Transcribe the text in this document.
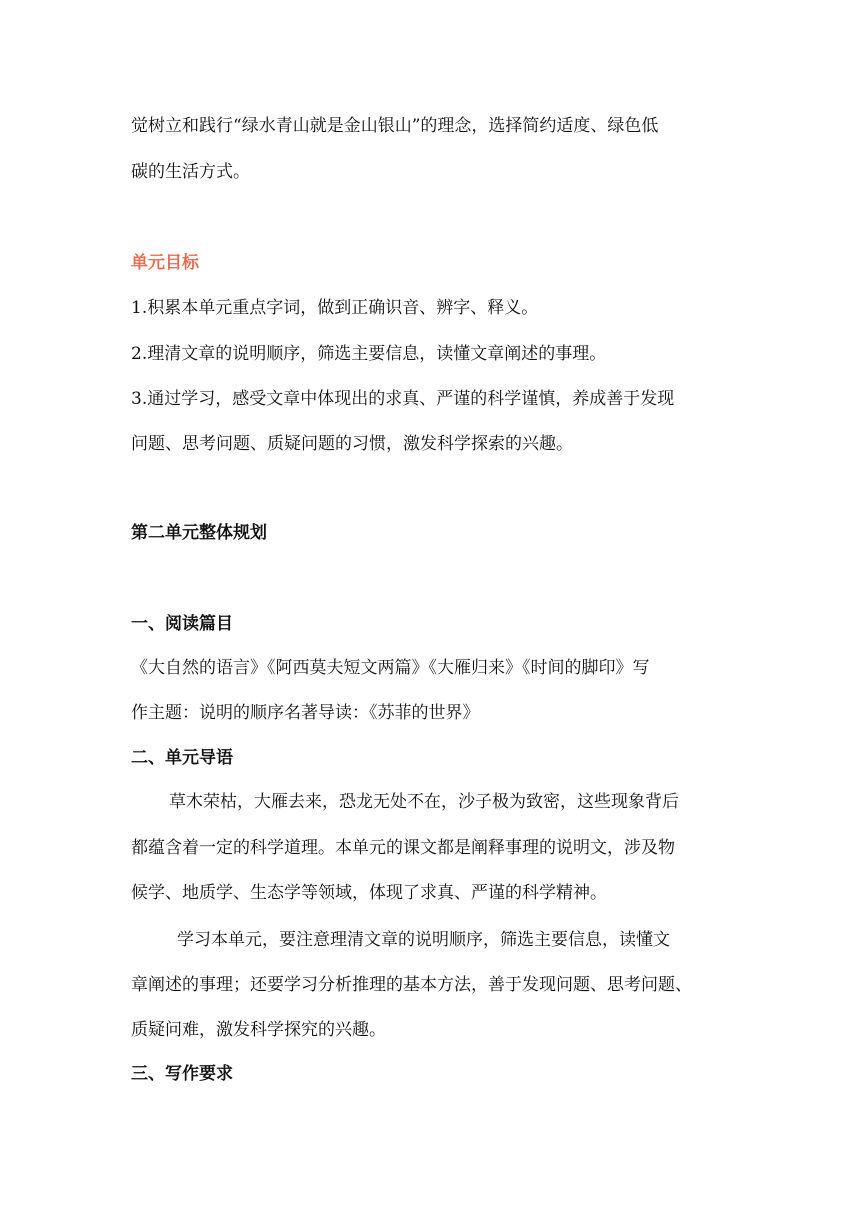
觉树立和践行“绿水青山就是金山银山”的理念，选择简约适度、绿色低
碳的生活方式。
单元目标
1.积累本单元重点字词，做到正确识音、辨字、释义。
2.理清文章的说明顺序，筛选主要信息，读懂文章阐述的事理。
3.通过学习，感受文章中体现出的求真、严谨的科学谨慎，养成善于发现
问题、思考问题、质疑问题的习惯，激发科学探索的兴趣。
第二单元整体规划
一、阅读篇目
《大自然的语言》《阿西莫夫短文两篇》《大雁归来》《时间的脚印》写
作主题：说明的顺序名著导读：《苏菲的世界》
二、单元导语
草木荣枯，大雁去来，恐龙无处不在，沙子极为致密，这些现象背后
都蕴含着一定的科学道理。本单元的课文都是阐释事理的说明文，涉及物
候学、地质学、生态学等领域，体现了求真、严谨的科学精神。
学习本单元，要注意理清文章的说明顺序，筛选主要信息，读懂文
章阐述的事理；还要学习分析推理的基本方法，善于发现问题、思考问题、
质疑问难，激发科学探究的兴趣。
三、写作要求
